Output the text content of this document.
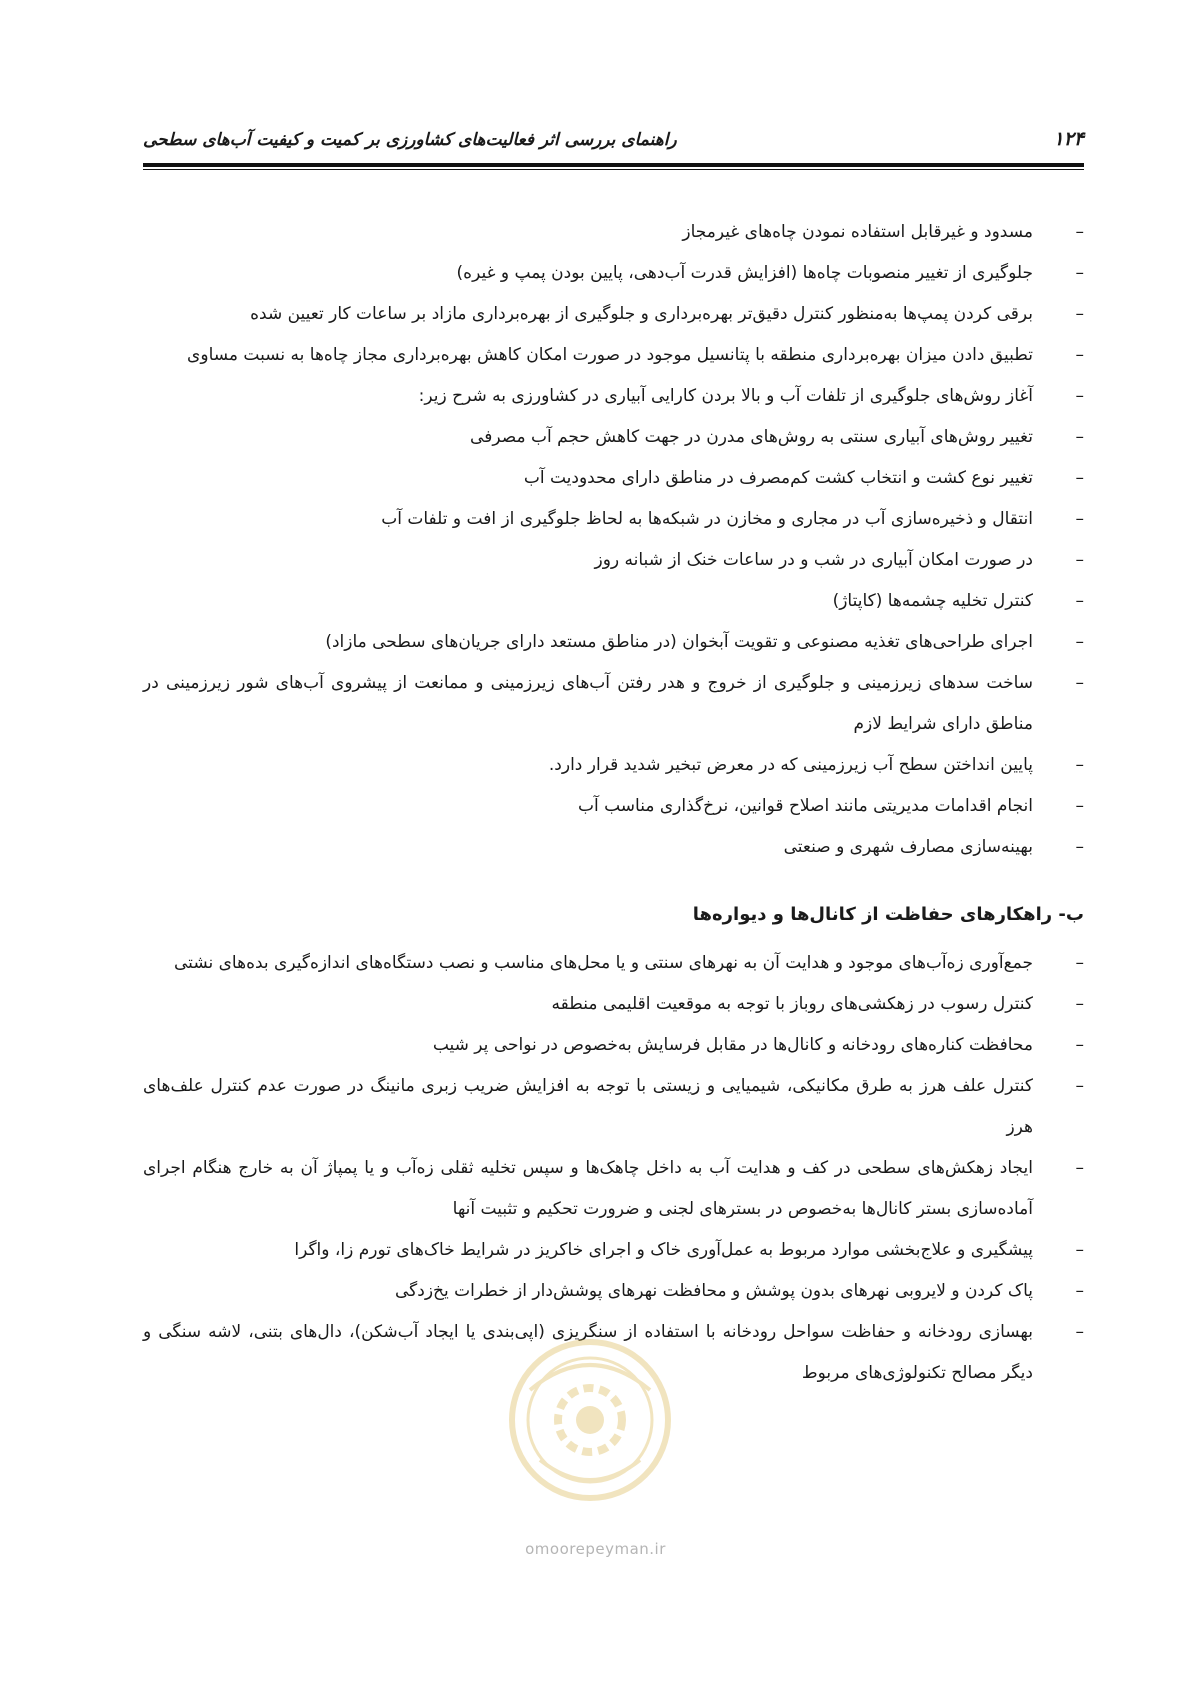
۱۲۴
راهنمای بررسی اثر فعالیت‌های کشاورزی بر کمیت و کیفیت آب‌های سطحی
–
مسدود و غیرقابل استفاده نمودن چاه‌های غیرمجاز
–
جلوگیری از تغییر منصوبات چاه‌ها (افزایش قدرت آب‌دهی، پایین بودن پمپ و غیره)
–
برقی کردن پمپ‌ها به‌منظور کنترل دقیق‌تر بهره‌برداری و جلوگیری از بهره‌برداری مازاد بر ساعات کار تعیین شده
–
تطبیق دادن میزان بهره‌برداری منطقه با پتانسیل موجود در صورت امکان کاهش بهره‌برداری مجاز چاه‌ها به نسبت مساوی
–
آغاز روش‌های جلوگیری از تلفات آب و بالا بردن کارایی آبیاری در کشاورزی به شرح زیر:
–
تغییر روش‌های آبیاری سنتی به روش‌های مدرن در جهت کاهش حجم آب مصرفی
–
تغییر نوع کشت و انتخاب کشت کم‌مصرف در مناطق دارای محدودیت آب
–
انتقال و ذخیره‌سازی آب در مجاری و مخازن در شبکه‌ها به لحاظ جلوگیری از افت و تلفات آب
–
در صورت امکان آبیاری در شب و در ساعات خنک از شبانه روز
–
کنترل تخلیه چشمه‌ها (کاپتاژ)
–
اجرای طراحی‌های تغذیه مصنوعی و تقویت آبخوان (در مناطق مستعد دارای جریان‌های سطحی مازاد)
–
ساخت سدهای زیرزمینی و جلوگیری از خروج و هدر رفتن آب‌های زیرزمینی و ممانعت از پیشروی آب‌های شور زیرزمینی در مناطق دارای شرایط لازم
–
پایین انداختن سطح آب زیرزمینی که در معرض تبخیر شدید قرار دارد.
–
انجام اقدامات مدیریتی مانند اصلاح قوانین، نرخ‌گذاری مناسب آب
–
بهینه‌سازی مصارف شهری و صنعتی
ب- راهکارهای حفاظت از کانال‌ها و دیواره‌ها
–
جمع‌آوری زه‌آب‌های موجود و هدایت آن به نهرهای سنتی و یا محل‌های مناسب و نصب دستگاه‌های اندازه‌گیری بده‌های نشتی
–
کنترل رسوب در زهکشی‌های روباز با توجه به موقعیت اقلیمی منطقه
–
محافظت کناره‌های رودخانه و کانال‌ها در مقابل فرسایش به‌خصوص در نواحی پر شیب
–
کنترل علف هرز به طرق مکانیکی، شیمیایی و زیستی با توجه به افزایش ضریب زبری مانینگ در صورت عدم کنترل علف‌های هرز
–
ایجاد زهکش‌های سطحی در کف و هدایت آب به داخل چاهک‌ها و سپس تخلیه ثقلی زه‌آب و یا پمپاژ آن به خارج هنگام اجرای آماده‌سازی بستر کانال‌ها به‌خصوص در بسترهای لجنی و ضرورت تحکیم و تثبیت آنها
–
پیشگیری و علاج‌بخشی موارد مربوط به عمل‌آوری خاک و اجرای خاکریز در شرایط خاک‌های تورم زا، واگرا
–
پاک کردن و لایروبی نهرهای بدون پوشش و محافظت نهرهای پوشش‌دار از خطرات یخ‌زدگی
–
بهسازی رودخانه و حفاظت سواحل رودخانه با استفاده از سنگریزی (اپی‌بندی یا ایجاد آب‌شکن)، دال‌های بتنی، لاشه سنگی و دیگر مصالح تکنولوژی‌های مربوط
omoorepeyman.ir
